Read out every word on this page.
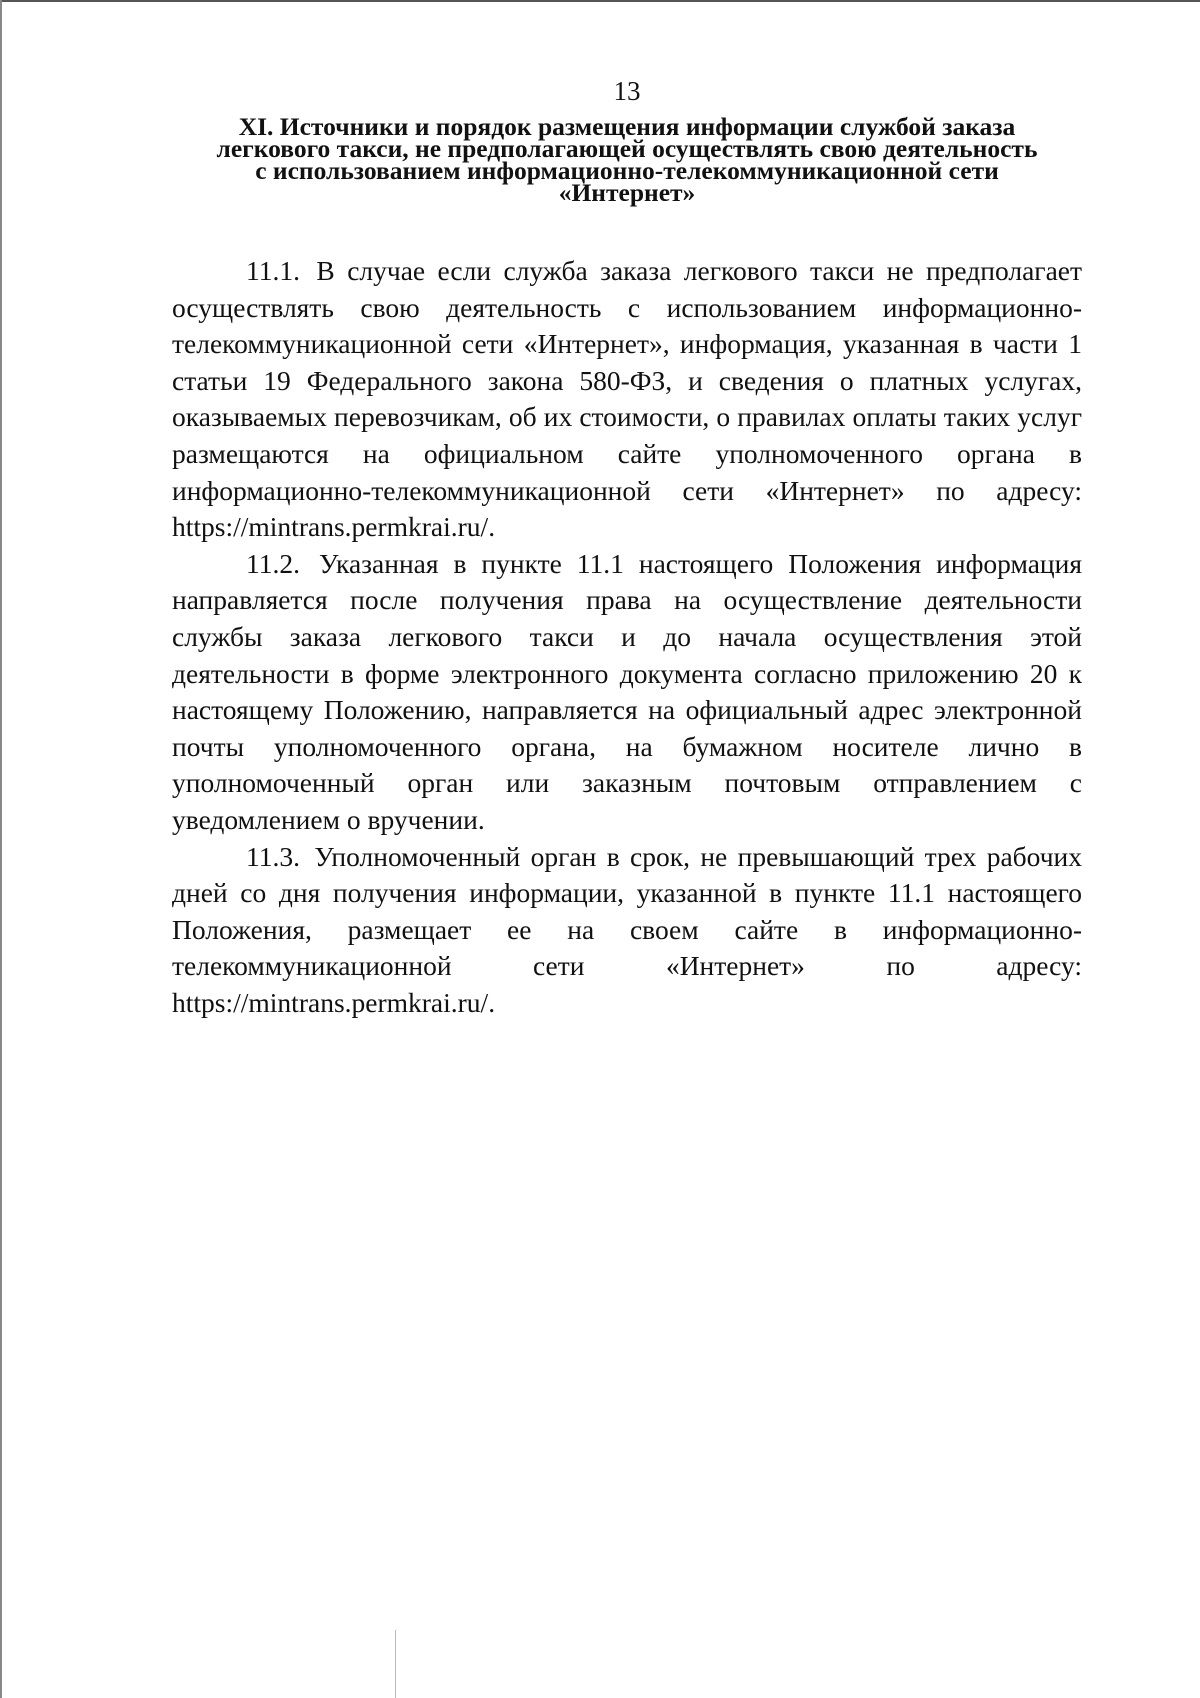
13
XI. Источники и порядок размещения информации службой заказа
легкового такси, не предполагающей осуществлять свою деятельность
с использованием информационно-телекоммуникационной сети
«Интернет»

11.1. В случае если служба заказа легкового такси не предполагает осуществлять свою деятельность с использованием информационно-телекоммуникационной сети «Интернет», информация, указанная в части 1 статьи 19 Федерального закона 580-ФЗ, и сведения о платных услугах, оказываемых перевозчикам, об их стоимости, о правилах оплаты таких услуг размещаются на официальном сайте уполномоченного органа в информационно-телекоммуникационной сети «Интернет» по адресу: https://mintrans.permkrai.ru/.

11.2. Указанная в пункте 11.1 настоящего Положения информация направляется после получения права на осуществление деятельности службы заказа легкового такси и до начала осуществления этой деятельности в форме электронного документа согласно приложению 20 к настоящему Положению, направляется на официальный адрес электронной почты уполномоченного органа, на бумажном носителе лично в уполномоченный орган или заказным почтовым отправлением с уведомлением о вручении.

11.3. Уполномоченный орган в срок, не превышающий трех рабочих дней со дня получения информации, указанной в пункте 11.1 настоящего Положения, размещает ее на своем сайте в информационно-телекоммуникационной сети «Интернет» по адресу: https://mintrans.permkrai.ru/.
